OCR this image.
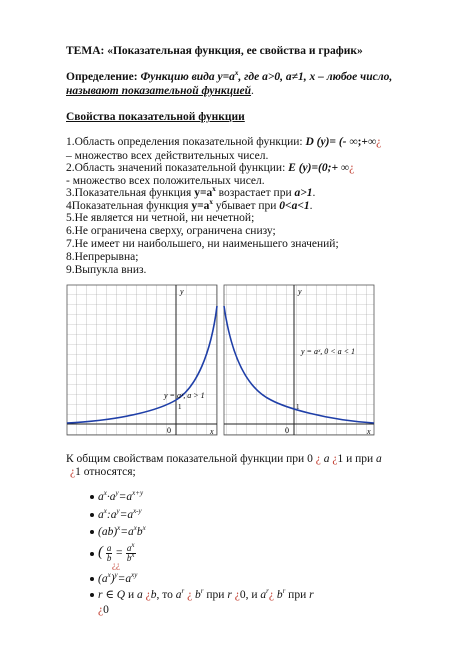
ТЕМА: «Показательная функция, ее свойства и график»
Определение: Функцию вида $y=a^x$, где a>0, a≠1, x – любое число,
называют показательной функцией.
Свойства показательной функции
1.Область определения показательной функции: D (y)= (- ∞;+∞¿
– множество всех действительных чисел.
2.Область значений показательной функции: E (y)=(0;+ ∞¿
- множество всех положительных чисел.
3.Показательная функция $y=a^x$ возрастает при a>1.
4Показательная функция $y=a^x$ убывает при 0<a<1.
5.Не является ни четной, ни нечетной;
6.Не ограничена сверху, ограничена снизу;
7.Не имеет ни наибольшего, ни наименьшего значений;
8.Непрерывна;
9.Выпукла вниз.
y
x
0
1
y = aˣ, a > 1
y
x
0
1
y = aˣ, 0 < a < 1
К общим свойствам показательной функции при 0 ¿ a ¿1 и при a
¿1 относятся;
$a^x\cdot a^y=a^{x+y}$
$a^x:a^y=a^{x-y}$
$(ab)^x=a^xb^x$
( $\frac{a}{b} = \frac{a^x}{b^x}$
¿¿
$(a^x)^y=a^{xy}$
r ∈ Q и a ¿b, то $a^r$ ¿ $b^r$ при r ¿0, и $a^r¿$ $b^r$ при r
¿0
